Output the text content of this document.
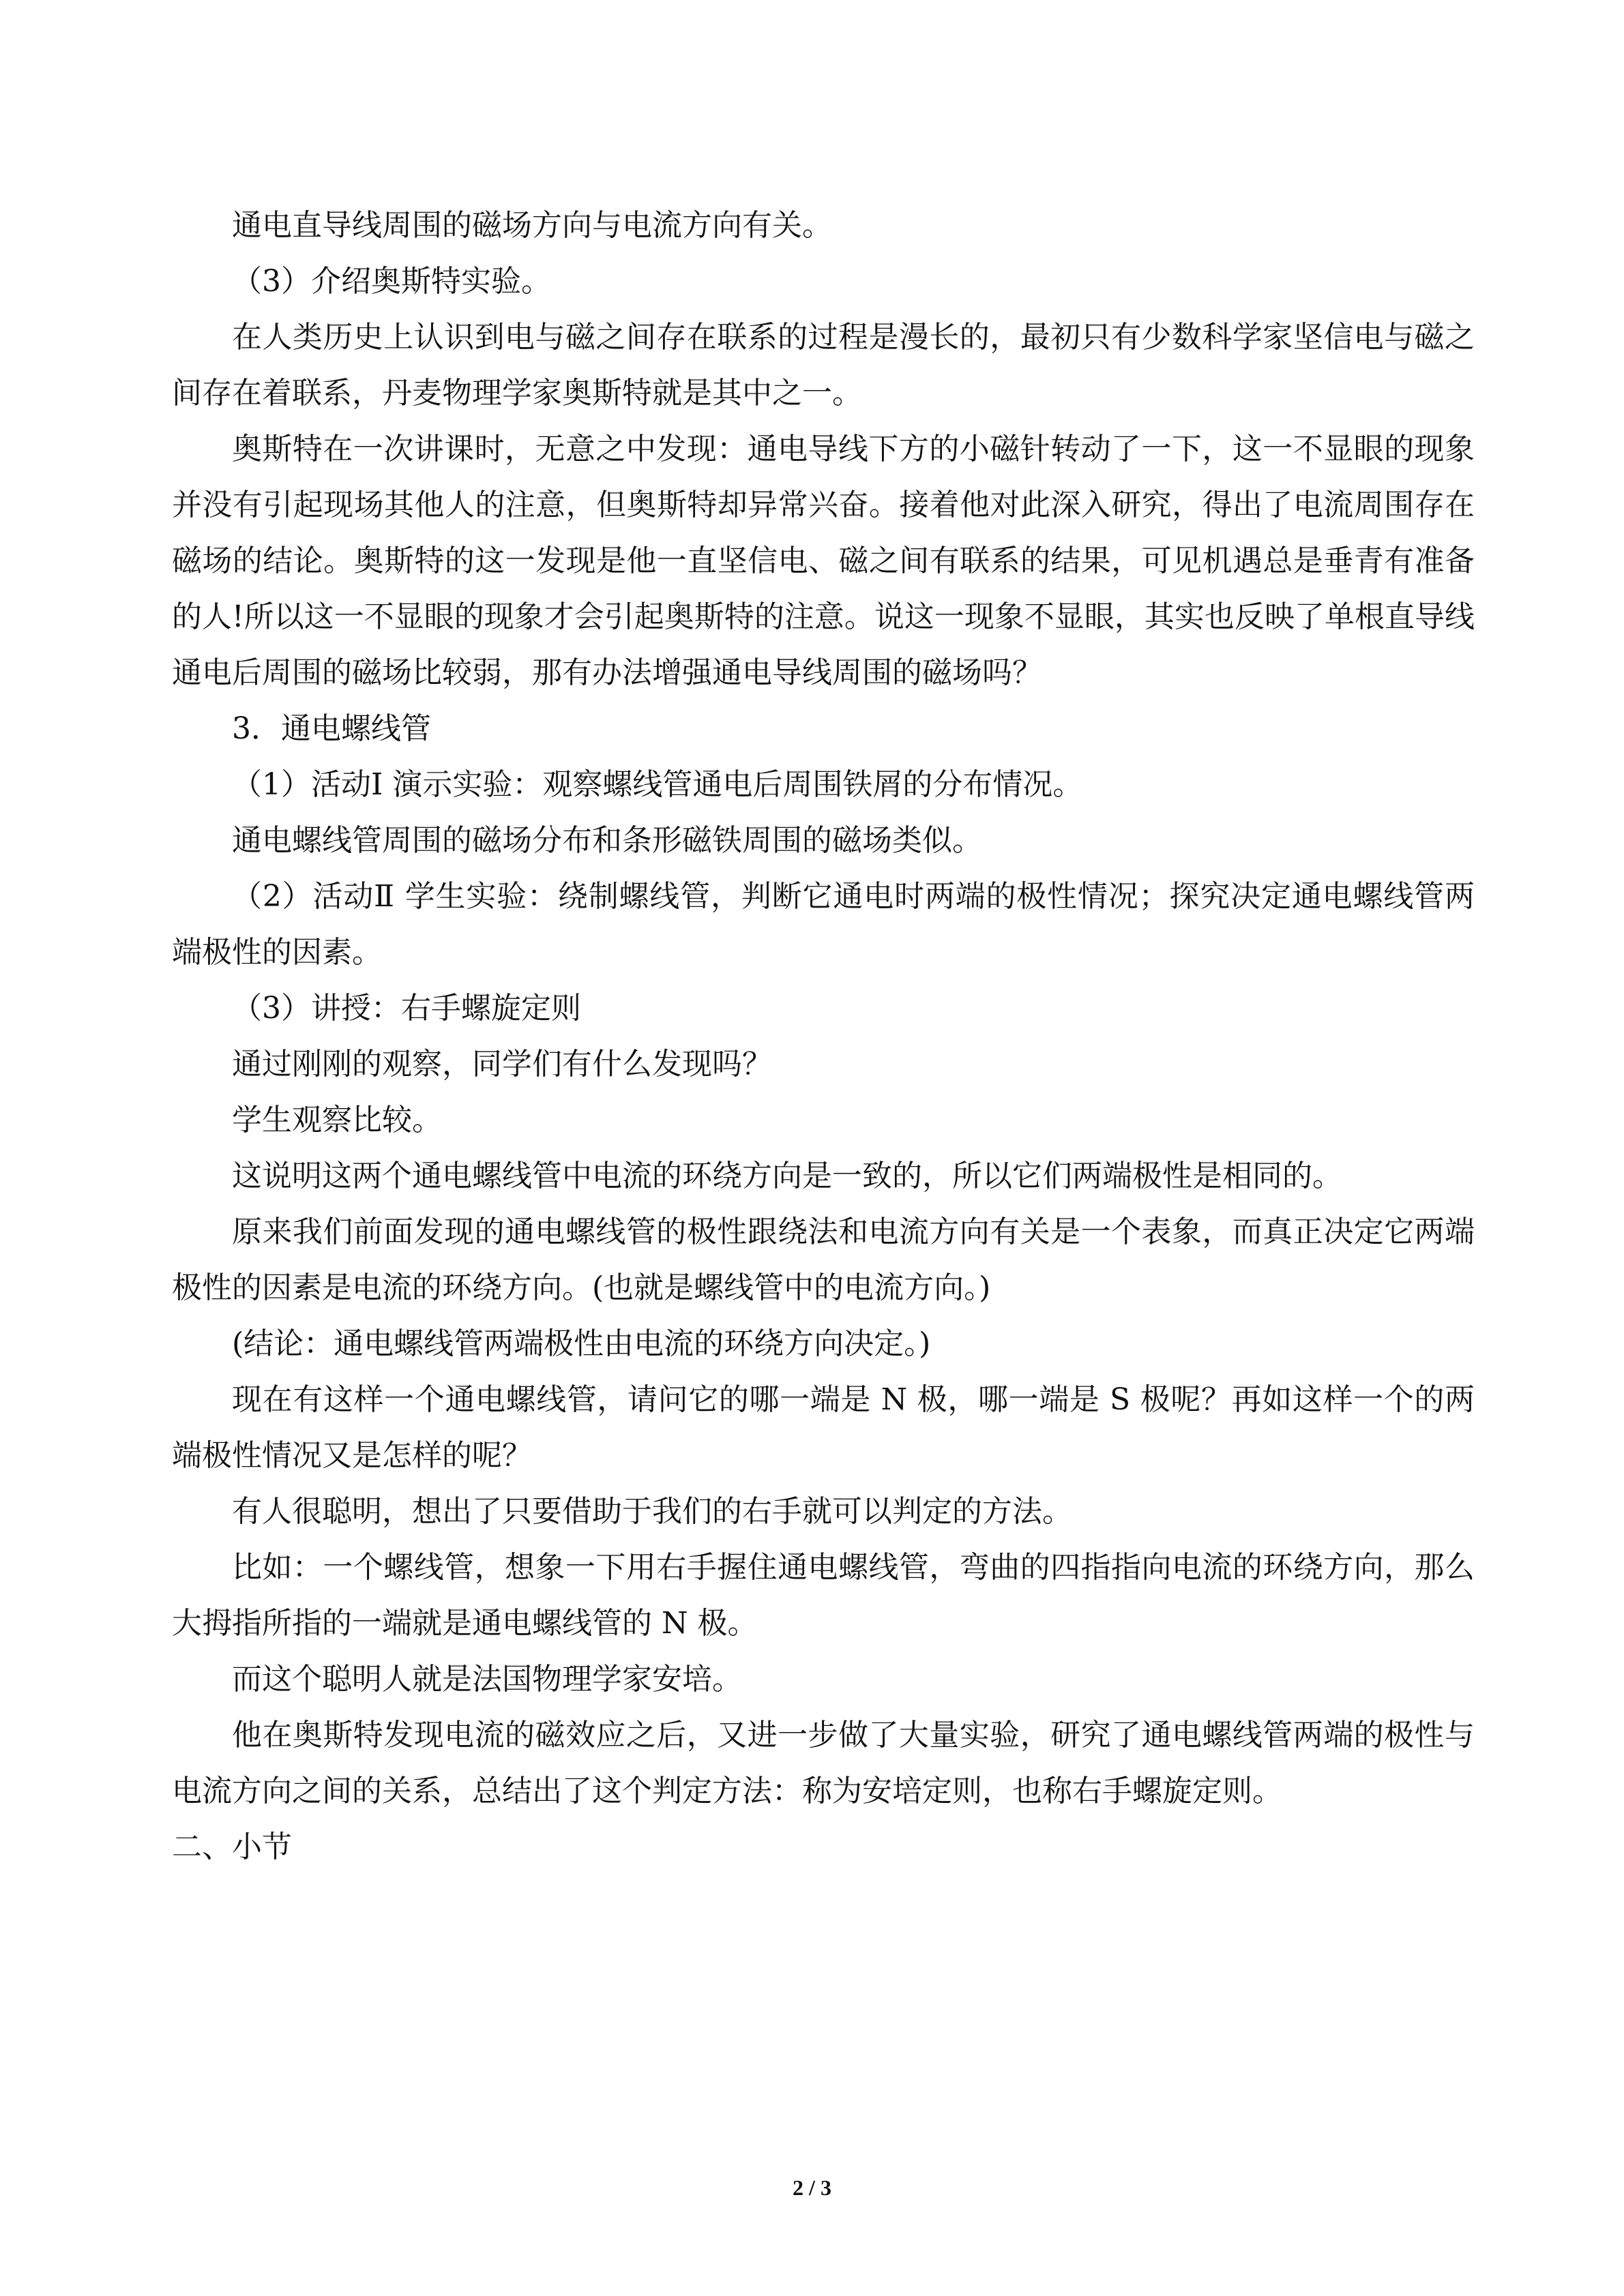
通电直导线周围的磁场方向与电流方向有关。

（3）介绍奥斯特实验。

在人类历史上认识到电与磁之间存在联系的过程是漫长的，最初只有少数科学家坚信电与磁之间存在着联系，丹麦物理学家奥斯特就是其中之一。

奥斯特在一次讲课时，无意之中发现：通电导线下方的小磁针转动了一下，这一不显眼的现象并没有引起现场其他人的注意，但奥斯特却异常兴奋。接着他对此深入研究，得出了电流周围存在磁场的结论。奥斯特的这一发现是他一直坚信电、磁之间有联系的结果，可见机遇总是垂青有准备的人!所以这一不显眼的现象才会引起奥斯特的注意。说这一现象不显眼，其实也反映了单根直导线通电后周围的磁场比较弱，那有办法增强通电导线周围的磁场吗？

3．通电螺线管

（1）活动Ⅰ 演示实验：观察螺线管通电后周围铁屑的分布情况。

通电螺线管周围的磁场分布和条形磁铁周围的磁场类似。

（2）活动Ⅱ 学生实验：绕制螺线管，判断它通电时两端的极性情况；探究决定通电螺线管两端极性的因素。

（3）讲授：右手螺旋定则

通过刚刚的观察，同学们有什么发现吗？

学生观察比较。

这说明这两个通电螺线管中电流的环绕方向是一致的，所以它们两端极性是相同的。

原来我们前面发现的通电螺线管的极性跟绕法和电流方向有关是一个表象，而真正决定它两端极性的因素是电流的环绕方向。(也就是螺线管中的电流方向。)

(结论：通电螺线管两端极性由电流的环绕方向决定。)

现在有这样一个通电螺线管，请问它的哪一端是 N 极，哪一端是 S 极呢？再如这样一个的两端极性情况又是怎样的呢？

有人很聪明，想出了只要借助于我们的右手就可以判定的方法。

比如：一个螺线管，想象一下用右手握住通电螺线管，弯曲的四指指向电流的环绕方向，那么大拇指所指的一端就是通电螺线管的 N 极。

而这个聪明人就是法国物理学家安培。

他在奥斯特发现电流的磁效应之后，又进一步做了大量实验，研究了通电螺线管两端的极性与电流方向之间的关系，总结出了这个判定方法：称为安培定则，也称右手螺旋定则。

二、小节

2 / 3
